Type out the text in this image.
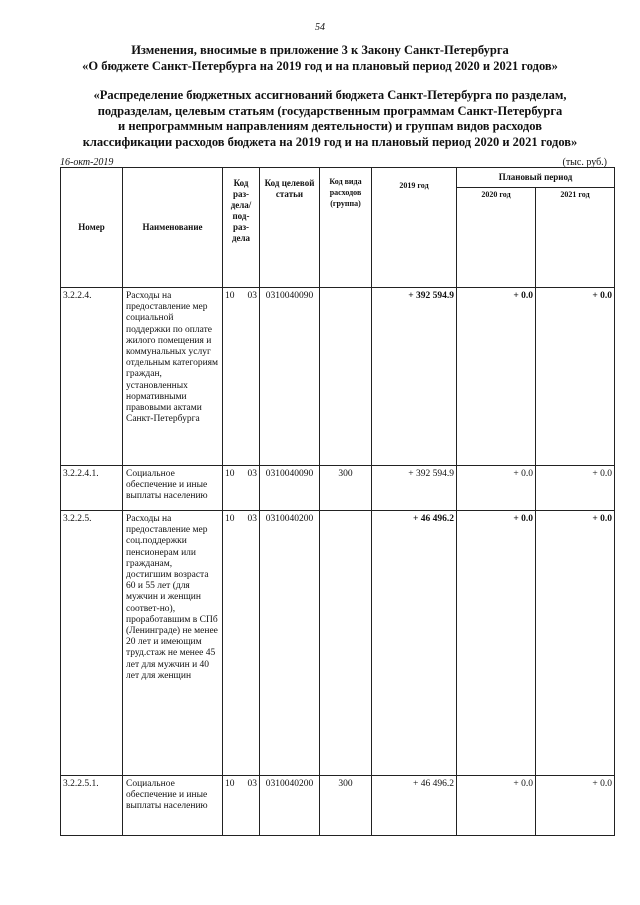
54
Изменения, вносимые в приложение 3 к Закону Санкт-Петербурга
«О бюджете Санкт-Петербурга на 2019 год и на плановый период 2020 и 2021 годов»
«Распределение бюджетных ассигнований бюджета Санкт-Петербурга по разделам,
подразделам, целевым статьям (государственным программам Санкт-Петербурга
и непрограммным направлениям деятельности) и группам видов расходов
классификации расходов бюджета на 2019 год и на плановый период 2020 и 2021 годов»
16-окт-2019	(тыс. руб.)
Номер	Наименование	Код раз-дела/ под-раз-дела	Код целевой статьи	Код вида расходов (группа)	2019 год	Плановый период	
						2020 год	2021 год
3.2.2.4.	Расходы на предоставление мер социальной поддержки по оплате жилого помещения и коммунальных услуг отдельным категориям граждан, установленных нормативными правовыми актами Санкт-Петербурга	10 03	0310040090		+ 392 594.9	+ 0.0	+ 0.0
3.2.2.4.1.	Социальное обеспечение и иные выплаты населению	10 03	0310040090	300	+ 392 594.9	+ 0.0	+ 0.0
3.2.2.5.	Расходы на предоставление мер соц.поддержки пенсионерам или гражданам, достигшим возраста 60 и 55 лет (для мужчин и женщин соответ-но), проработавшим в СПб (Ленинграде) не менее 20 лет и имеющим труд.стаж не менее 45 лет для мужчин и 40 лет для женщин	10 03	0310040200		+ 46 496.2	+ 0.0	+ 0.0
3.2.2.5.1.	Социальное обеспечение и иные выплаты населению	10 03	0310040200	300	+ 46 496.2	+ 0.0	+ 0.0
